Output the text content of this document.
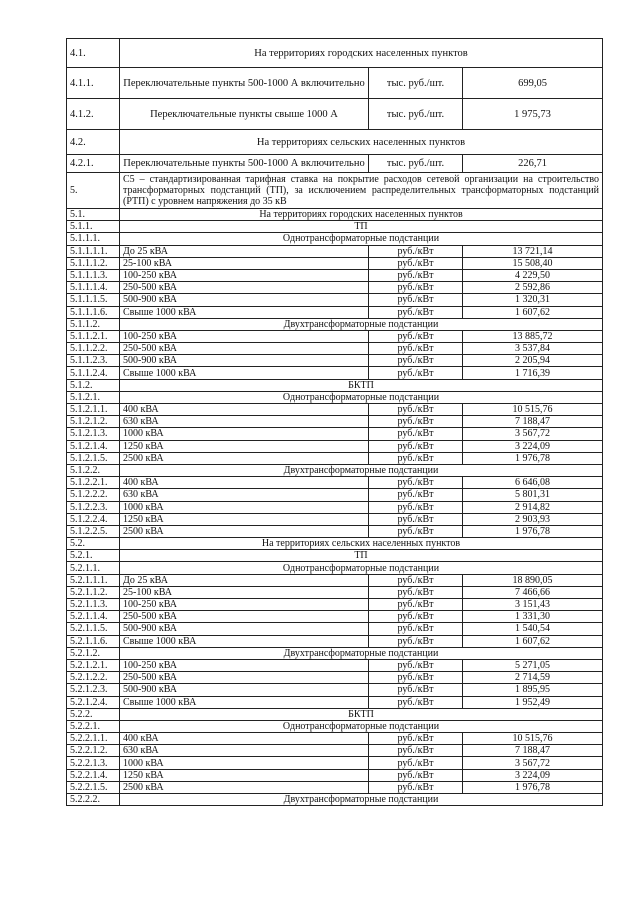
4.1.	На территориях городских населенных пунктов		
4.1.1.	Переключательные пункты 500-1000 А включительно	тыс. руб./шт.	699,05
4.1.2.	Переключательные пункты свыше 1000 А	тыс. руб./шт.	1 975,73
4.2.	На территориях сельских населенных пунктов		
4.2.1.	Переключательные пункты 500-1000 А включительно	тыс. руб./шт.	226,71
5.	С5 – стандартизированная тарифная ставка на покрытие расходов сетевой организации на строительство трансформаторных подстанций (ТП), за исключением распределительных трансформаторных подстанций (РТП) с уровнем напряжения до 35 кВ		
5.1.	На территориях городских населенных пунктов		
5.1.1.	ТП		
5.1.1.1.	Однотрансформаторные подстанции		
5.1.1.1.1.	До 25 кВА	руб./кВт	13 721,14
5.1.1.1.2.	25-100 кВА	руб./кВт	15 508,40
5.1.1.1.3.	100-250 кВА	руб./кВт	4 229,50
5.1.1.1.4.	250-500 кВА	руб./кВт	2 592,86
5.1.1.1.5.	500-900 кВА	руб./кВт	1 320,31
5.1.1.1.6.	Свыше 1000 кВА	руб./кВт	1 607,62
5.1.1.2.	Двухтрансформаторные подстанции		
5.1.1.2.1.	100-250 кВА	руб./кВт	13 885,72
5.1.1.2.2.	250-500 кВА	руб./кВт	3 537,84
5.1.1.2.3.	500-900 кВА	руб./кВт	2 205,94
5.1.1.2.4.	Свыше 1000 кВА	руб./кВт	1 716,39
5.1.2.	БКТП		
5.1.2.1.	Однотрансформаторные подстанции		
5.1.2.1.1.	400 кВА	руб./кВт	10 515,76
5.1.2.1.2.	630 кВА	руб./кВт	7 188,47
5.1.2.1.3.	1000 кВА	руб./кВт	3 567,72
5.1.2.1.4.	1250 кВА	руб./кВт	3 224,09
5.1.2.1.5.	2500 кВА	руб./кВт	1 976,78
5.1.2.2.	Двухтрансформаторные подстанции		
5.1.2.2.1.	400 кВА	руб./кВт	6 646,08
5.1.2.2.2.	630 кВА	руб./кВт	5 801,31
5.1.2.2.3.	1000 кВА	руб./кВт	2 914,82
5.1.2.2.4.	1250 кВА	руб./кВт	2 903,93
5.1.2.2.5.	2500 кВА	руб./кВт	1 976,78
5.2.	На территориях сельских населенных пунктов		
5.2.1.	ТП		
5.2.1.1.	Однотрансформаторные подстанции		
5.2.1.1.1.	До 25 кВА	руб./кВт	18 890,05
5.2.1.1.2.	25-100 кВА	руб./кВт	7 466,66
5.2.1.1.3.	100-250 кВА	руб./кВт	3 151,43
5.2.1.1.4.	250-500 кВА	руб./кВт	1 331,30
5.2.1.1.5.	500-900 кВА	руб./кВт	1 540,54
5.2.1.1.6.	Свыше 1000 кВА	руб./кВт	1 607,62
5.2.1.2.	Двухтрансформаторные подстанции		
5.2.1.2.1.	100-250 кВА	руб./кВт	5 271,05
5.2.1.2.2.	250-500 кВА	руб./кВт	2 714,59
5.2.1.2.3.	500-900 кВА	руб./кВт	1 895,95
5.2.1.2.4.	Свыше 1000 кВА	руб./кВт	1 952,49
5.2.2.	БКТП		
5.2.2.1.	Однотрансформаторные подстанции		
5.2.2.1.1.	400 кВА	руб./кВт	10 515,76
5.2.2.1.2.	630 кВА	руб./кВт	7 188,47
5.2.2.1.3.	1000 кВА	руб./кВт	3 567,72
5.2.2.1.4.	1250 кВА	руб./кВт	3 224,09
5.2.2.1.5.	2500 кВА	руб./кВт	1 976,78
5.2.2.2.	Двухтрансформаторные подстанции		
